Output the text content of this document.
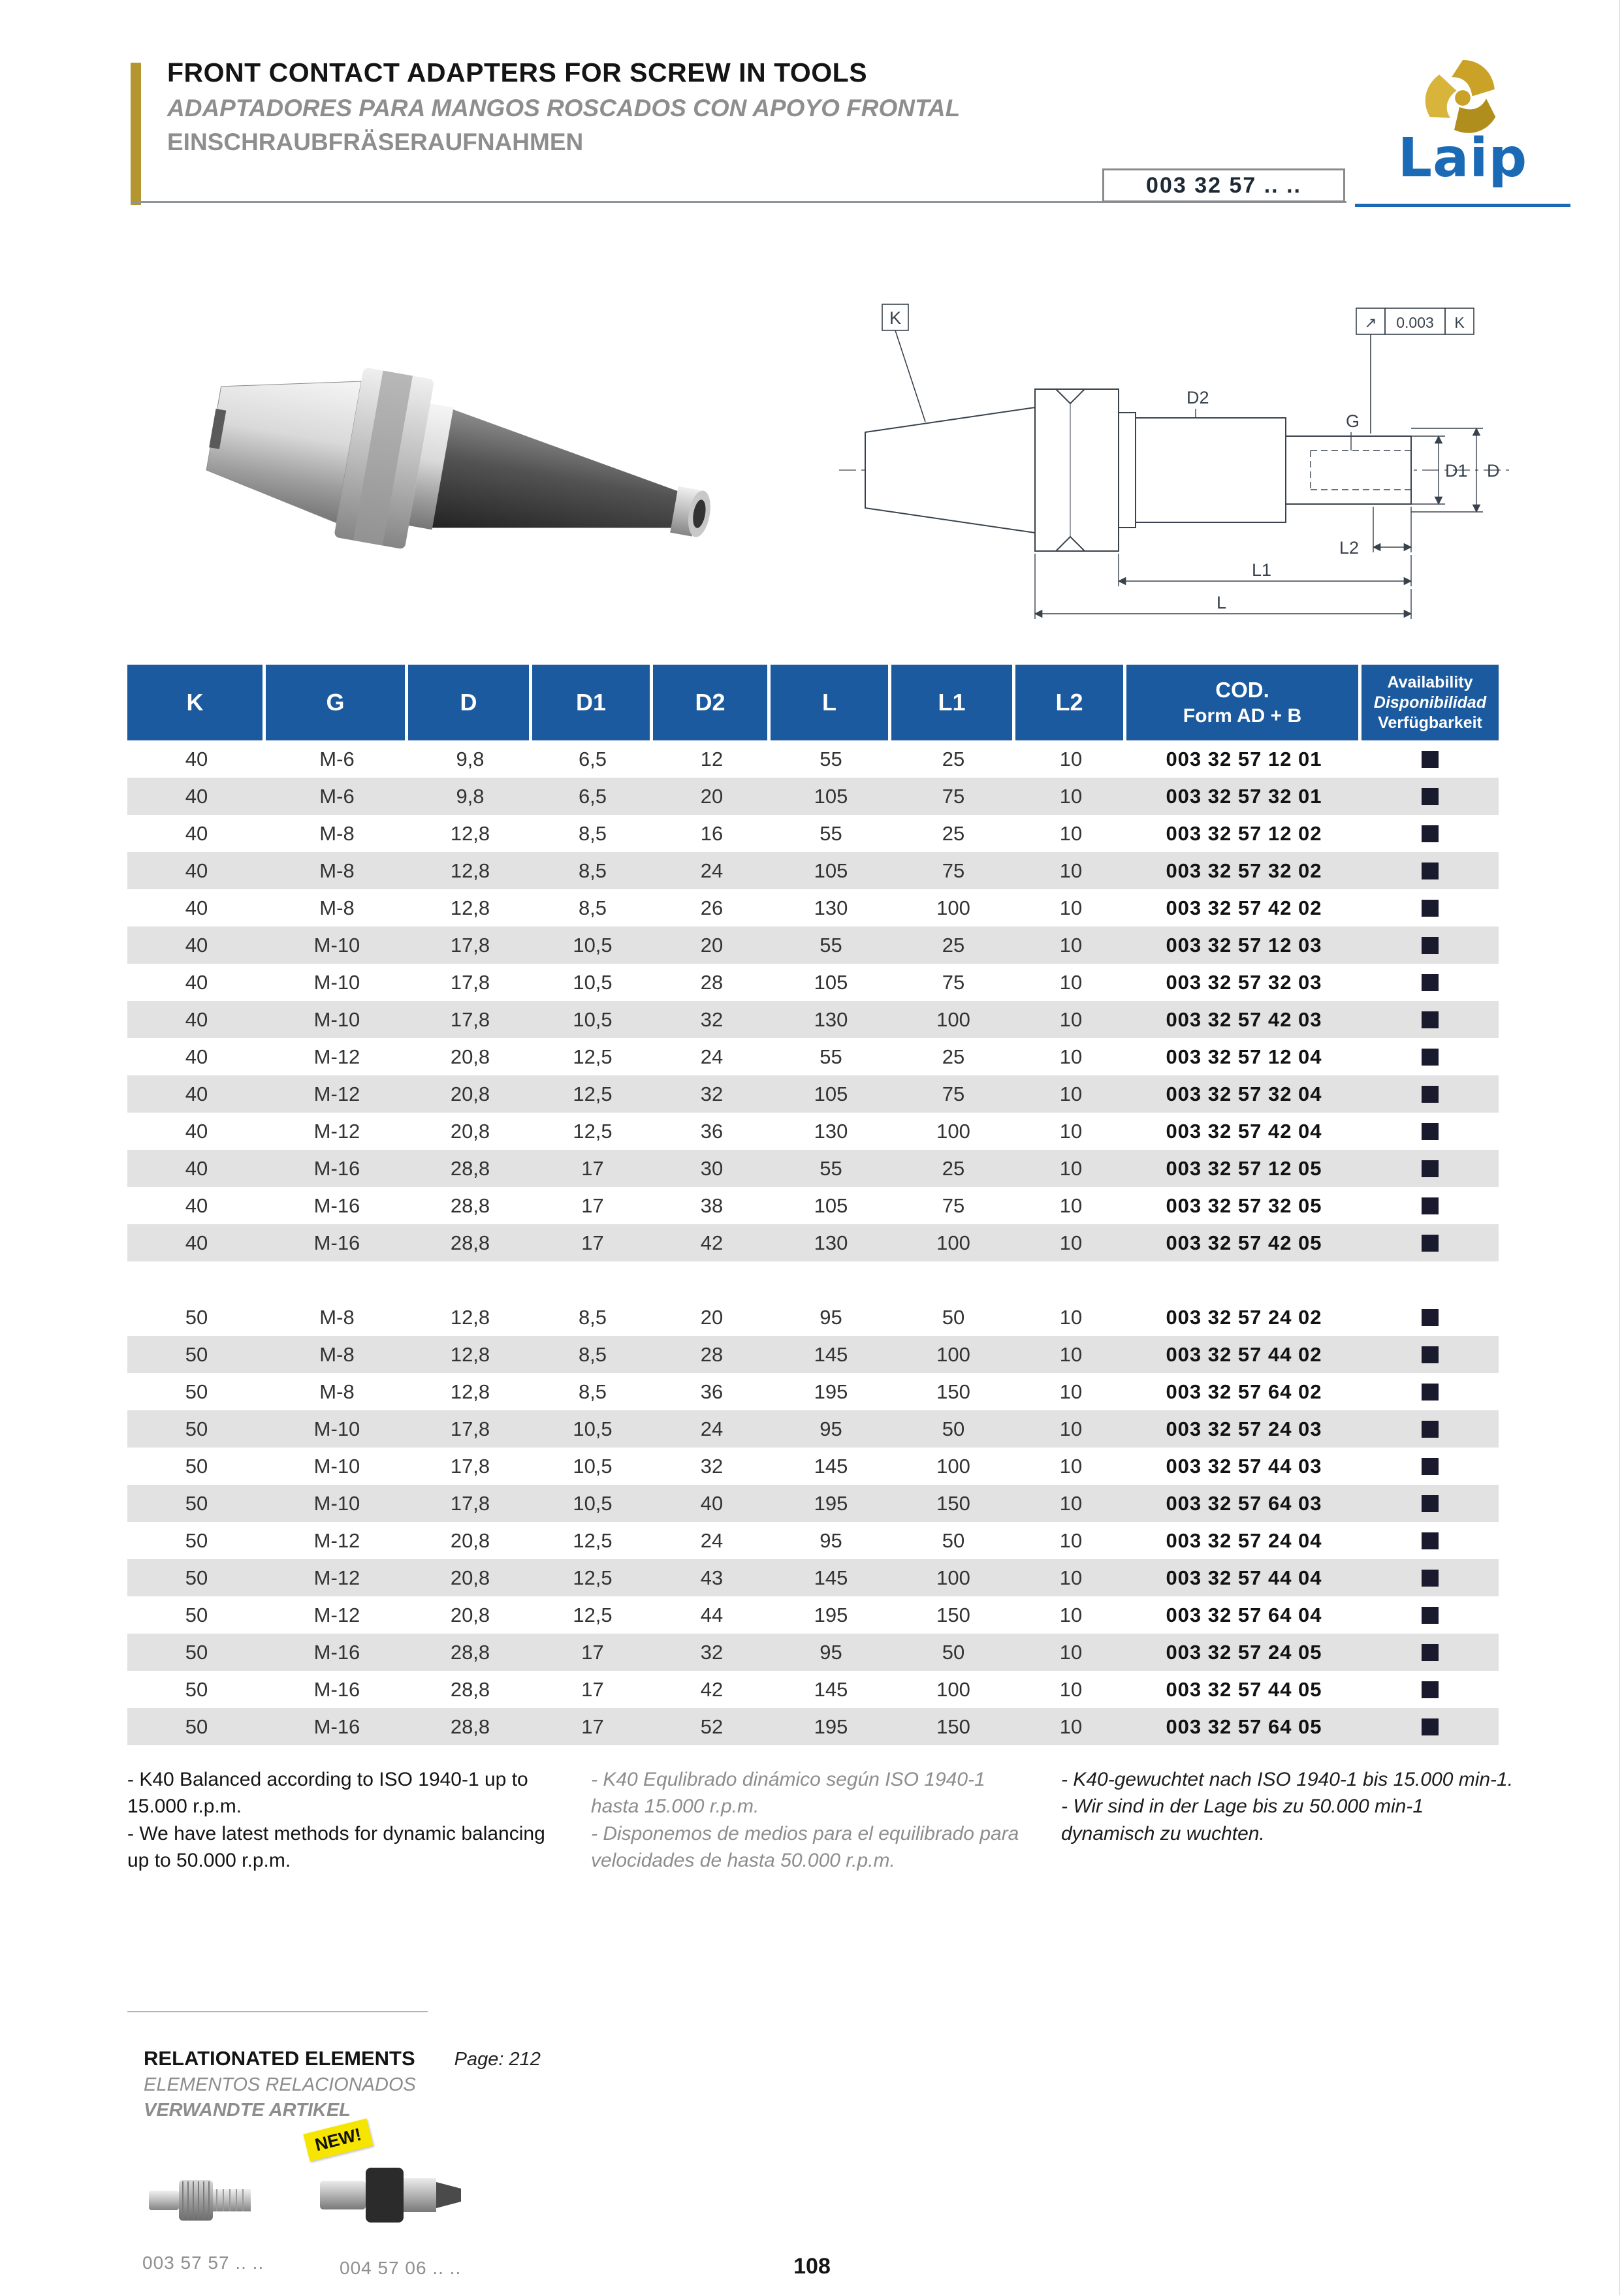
FRONT CONTACT ADAPTERS FOR SCREW IN TOOLS
ADAPTADORES PARA MANGOS ROSCADOS CON APOYO FRONTAL
EINSCHRAUBFRÄSERAUFNAHMEN
003 32 57 .. .. Laip
K	↗ 0.003 K
D2
G
D1 D
L2
L1
L
K	G	D	D1	D2	L	L1	L2	COD.
Form AD + B
Availability
Disponibilidad
Verfügbarkeit
40	M-6	9,8	6,5	12	55	25	10	003 32 57 12 01
40	M-6	9,8	6,5	20	105	75	10	003 32 57 32 01
40	M-8	12,8	8,5	16	55	25	10	003 32 57 12 02
40	M-8	12,8	8,5	24	105	75	10	003 32 57 32 02
40	M-8	12,8	8,5	26	130	100	10	003 32 57 42 02
40	M-10	17,8	10,5	20	55	25	10	003 32 57 12 03
40	M-10	17,8	10,5	28	105	75	10	003 32 57 32 03
40	M-10	17,8	10,5	32	130	100	10	003 32 57 42 03
40	M-12	20,8	12,5	24	55	25	10	003 32 57 12 04
40	M-12	20,8	12,5	32	105	75	10	003 32 57 32 04
40	M-12	20,8	12,5	36	130	100	10	003 32 57 42 04
40	M-16	28,8	17	30	55	25	10	003 32 57 12 05
40	M-16	28,8	17	38	105	75	10	003 32 57 32 05
40	M-16	28,8	17	42	130	100	10	003 32 57 42 05
50	M-8	12,8	8,5	20	95	50	10	003 32 57 24 02
50	M-8	12,8	8,5	28	145	100	10	003 32 57 44 02
50	M-8	12,8	8,5	36	195	150	10	003 32 57 64 02
50	M-10	17,8	10,5	24	95	50	10	003 32 57 24 03
50	M-10	17,8	10,5	32	145	100	10	003 32 57 44 03
50	M-10	17,8	10,5	40	195	150	10	003 32 57 64 03
50	M-12	20,8	12,5	24	95	50	10	003 32 57 24 04
50	M-12	20,8	12,5	43	145	100	10	003 32 57 44 04
50	M-12	20,8	12,5	44	195	150	10	003 32 57 64 04
50	M-16	28,8	17	32	95	50	10	003 32 57 24 05
50	M-16	28,8	17	42	145	100	10	003 32 57 44 05
50	M-16	28,8	17	52	195	150	10	003 32 57 64 05
- K40 Balanced according to ISO 1940-1 up to 15.000 r.p.m.
- We have latest methods for dynamic balancing up to 50.000 r.p.m.
- K40 Equlibrado dinámico según ISO 1940-1 hasta 15.000 r.p.m.
- Disponemos de medios para el equilibrado para velocidades de hasta 50.000 r.p.m.
- K40-gewuchtet nach ISO 1940-1 bis 15.000 min-1.
- Wir sind in der Lage bis zu 50.000 min-1 dynamisch zu wuchten.
RELATIONATED ELEMENTS Page: 212
ELEMENTOS RELACIONADOS
VERWANDTE ARTIKEL
NEW!
003 57 57 .. ..	004 57 06 .. ..	108
